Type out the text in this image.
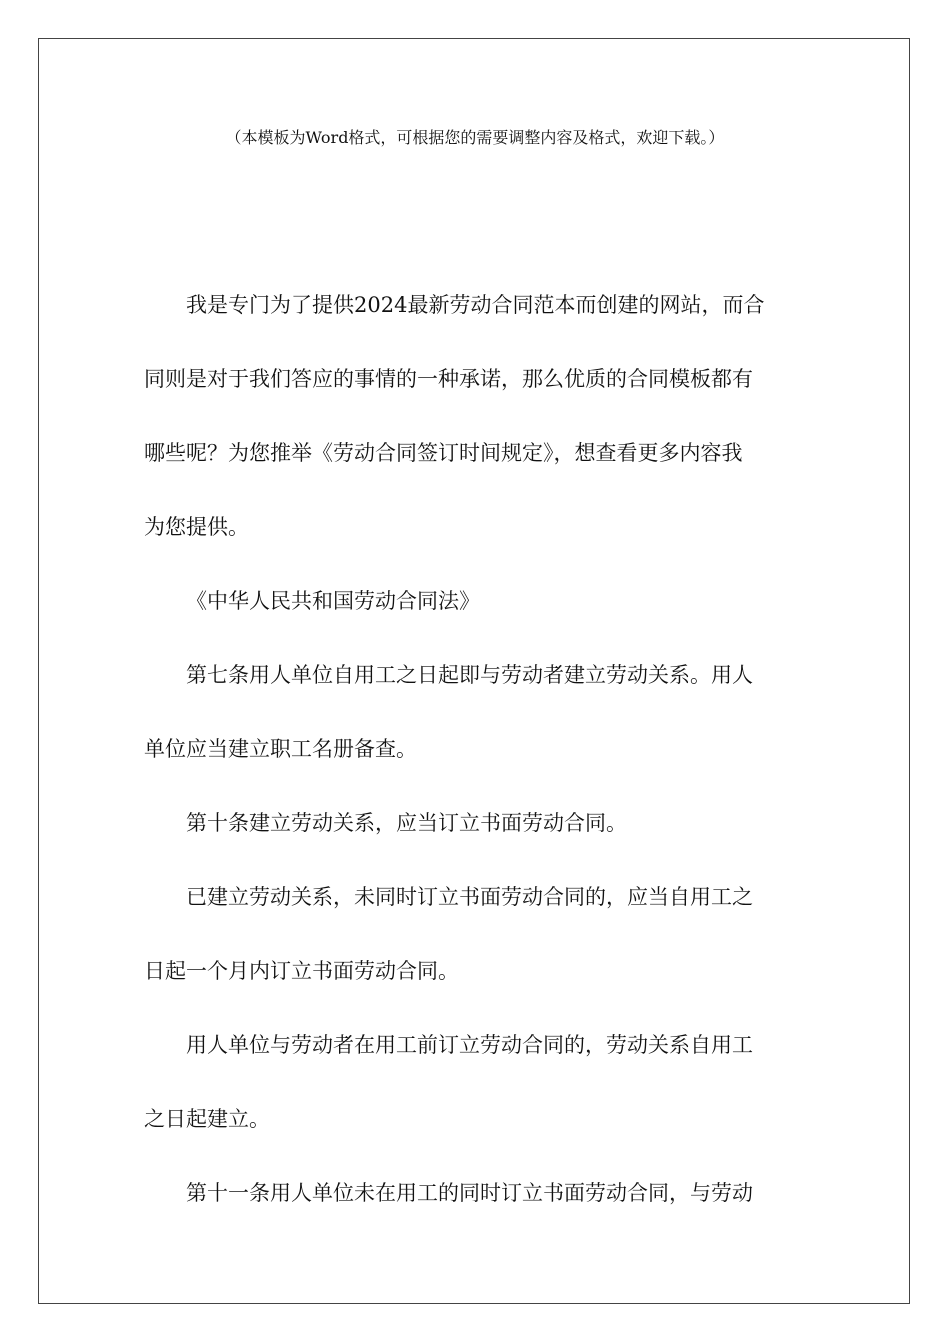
（本模板为Word格式，可根据您的需要调整内容及格式，欢迎下载。）

我是专门为了提供2024最新劳动合同范本而创建的网站，而合
同则是对于我们答应的事情的一种承诺，那么优质的合同模板都有
哪些呢？为您推举《劳动合同签订时间规定》，想查看更多内容我
为您提供。

《中华人民共和国劳动合同法》

第七条用人单位自用工之日起即与劳动者建立劳动关系。用人
单位应当建立职工名册备查。

第十条建立劳动关系，应当订立书面劳动合同。

已建立劳动关系，未同时订立书面劳动合同的，应当自用工之
日起一个月内订立书面劳动合同。

用人单位与劳动者在用工前订立劳动合同的，劳动关系自用工
之日起建立。

第十一条用人单位未在用工的同时订立书面劳动合同，与劳动
